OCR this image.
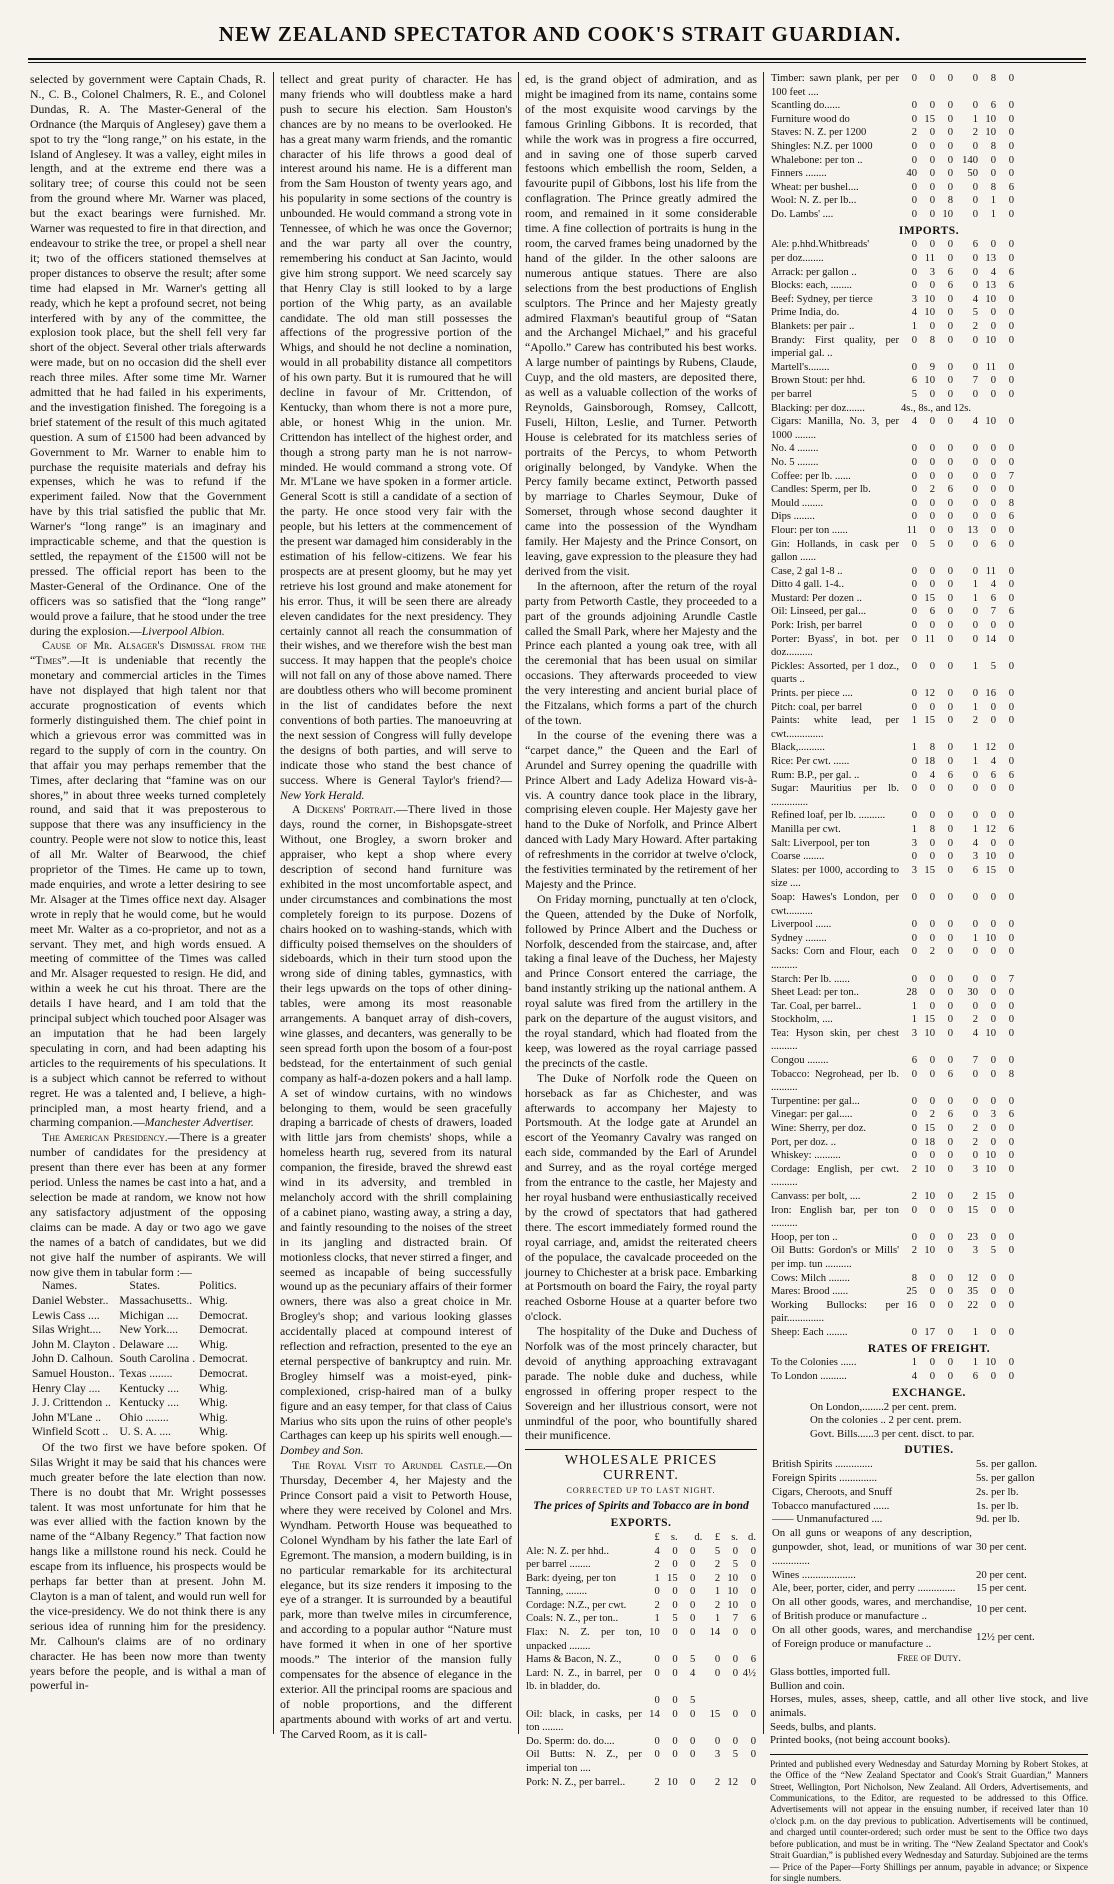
NEW ZEALAND SPECTATOR AND COOK'S STRAIT GUARDIAN.

selected by government were Captain Chads, R. N., C. B., Colonel Chalmers, R. E., and Colonel Dundas, R. A. The Master-General of the Ordnance (the Marquis of Anglesey) gave them a spot to try the “long range,” on his estate, in the Island of Anglesey. It was a valley, eight miles in length, and at the extreme end there was a solitary tree; of course this could not be seen from the ground where Mr. Warner was placed, but the exact bearings were furnished. Mr. Warner was requested to fire in that direction, and endeavour to strike the tree, or propel a shell near it; two of the officers stationed themselves at proper distances to observe the result; after some time had elapsed in Mr. Warner's getting all ready, which he kept a profound secret, not being interfered with by any of the committee, the explosion took place, but the shell fell very far short of the object. Several other trials afterwards were made, but on no occasion did the shell ever reach three miles. After some time Mr. Warner admitted that he had failed in his experiments, and the investigation finished. The foregoing is a brief statement of the result of this much agitated question. A sum of £1500 had been advanced by Government to Mr. Warner to enable him to purchase the requisite materials and defray his expenses, which he was to refund if the experiment failed. Now that the Government have by this trial satisfied the public that Mr. Warner's “long range” is an imaginary and impracticable scheme, and that the question is settled, the repayment of the £1500 will not be pressed. The official report has been to the Master-General of the Ordinance. One of the officers was so satisfied that the “long range” would prove a failure, that he stood under the tree during the explosion.—Liverpool Albion.

Cause of Mr. Alsager's Dismissal from the “Times”.—It is undeniable that recently the monetary and commercial articles in the Times have not displayed that high talent nor that accurate prognostication of events which formerly distinguished them. The chief point in which a grievous error was committed was in regard to the supply of corn in the country. On that affair you may perhaps remember that the Times, after declaring that “famine was on our shores,” in about three weeks turned completely round, and said that it was preposterous to suppose that there was any insufficiency in the country. People were not slow to notice this, least of all Mr. Walter of Bearwood, the chief proprietor of the Times. He came up to town, made enquiries, and wrote a letter desiring to see Mr. Alsager at the Times office next day. Alsager wrote in reply that he would come, but he would meet Mr. Walter as a co-proprietor, and not as a servant. They met, and high words ensued. A meeting of committee of the Times was called and Mr. Alsager requested to resign. He did, and within a week he cut his throat. There are the details I have heard, and I am told that the principal subject which touched poor Alsager was an imputation that he had been largely speculating in corn, and had been adapting his articles to the requirements of his speculations. It is a subject which cannot be referred to without regret. He was a talented and, I believe, a high-principled man, a most hearty friend, and a charming companion.—Manchester Advertiser.

The American Presidency.—There is a greater number of candidates for the presidency at present than there ever has been at any former period. Unless the names be cast into a hat, and a selection be made at random, we know not how any satisfactory adjustment of the opposing claims can be made. A day or two ago we gave the names of a batch of candidates, but we did not give half the number of aspirants. We will now give them in tabular form :—

Names.	States.	Politics.
Daniel Webster..	Massachusetts..	Whig.
Lewis Cass ....	Michigan ....	Democrat.
Silas Wright....	New York....	Democrat.
John M. Clayton .	Delaware ....	Whig.
John D. Calhoun.	South Carolina .	Democrat.
Samuel Houston..	Texas ........	Democrat.
Henry Clay ....	Kentucky ....	Whig.
J. J. Crittendon ..	Kentucky ....	Whig.
John M'Lane ..	Ohio ........	Whig.
Winfield Scott ..	U. S. A. ....	Whig.

Of the two first we have before spoken. Of Silas Wright it may be said that his chances were much greater before the late election than now. There is no doubt that Mr. Wright possesses talent. It was most unfortunate for him that he was ever allied with the faction known by the name of the “Albany Regency.” That faction now hangs like a millstone round his neck. Could he escape from its influence, his prospects would be perhaps far better than at present. John M. Clayton is a man of talent, and would run well for the vice-presidency. We do not think there is any serious idea of running him for the presidency. Mr. Calhoun's claims are of no ordinary character. He has been now more than twenty years before the people, and is withal a man of powerful in-

tellect and great purity of character. He has many friends who will doubtless make a hard push to secure his election. Sam Houston's chances are by no means to be overlooked. He has a great many warm friends, and the romantic character of his life throws a good deal of interest around his name. He is a different man from the Sam Houston of twenty years ago, and his popularity in some sections of the country is unbounded. He would command a strong vote in Tennessee, of which he was once the Governor; and the war party all over the country, remembering his conduct at San Jacinto, would give him strong support. We need scarcely say that Henry Clay is still looked to by a large portion of the Whig party, as an available candidate. The old man still possesses the affections of the progressive portion of the Whigs, and should he not decline a nomination, would in all probability distance all competitors of his own party. But it is rumoured that he will decline in favour of Mr. Crittendon, of Kentucky, than whom there is not a more pure, able, or honest Whig in the union. Mr. Crittendon has intellect of the highest order, and though a strong party man he is not narrow-minded. He would command a strong vote. Of Mr. M'Lane we have spoken in a former article. General Scott is still a candidate of a section of the party. He once stood very fair with the people, but his letters at the commencement of the present war damaged him considerably in the estimation of his fellow-citizens. We fear his prospects are at present gloomy, but he may yet retrieve his lost ground and make atonement for his error. Thus, it will be seen there are already eleven candidates for the next presidency. They certainly cannot all reach the consummation of their wishes, and we therefore wish the best man success. It may happen that the people's choice will not fall on any of those above named. There are doubtless others who will become prominent in the list of candidates before the next conventions of both parties. The manoeuvring at the next session of Congress will fully develope the designs of both parties, and will serve to indicate those who stand the best chance of success. Where is General Taylor's friend?—New York Herald.

A Dickens' Portrait.—There lived in those days, round the corner, in Bishopsgate-street Without, one Brogley, a sworn broker and appraiser, who kept a shop where every description of second hand furniture was exhibited in the most uncomfortable aspect, and under circumstances and combinations the most completely foreign to its purpose. Dozens of chairs hooked on to washing-stands, which with difficulty poised themselves on the shoulders of sideboards, which in their turn stood upon the wrong side of dining tables, gymnastics, with their legs upwards on the tops of other dining-tables, were among its most reasonable arrangements. A banquet array of dish-covers, wine glasses, and decanters, was generally to be seen spread forth upon the bosom of a four-post bedstead, for the entertainment of such genial company as half-a-dozen pokers and a hall lamp. A set of window curtains, with no windows belonging to them, would be seen gracefully draping a barricade of chests of drawers, loaded with little jars from chemists' shops, while a homeless hearth rug, severed from its natural companion, the fireside, braved the shrewd east wind in its adversity, and trembled in melancholy accord with the shrill complaining of a cabinet piano, wasting away, a string a day, and faintly resounding to the noises of the street in its jangling and distracted brain. Of motionless clocks, that never stirred a finger, and seemed as incapable of being successfully wound up as the pecuniary affairs of their former owners, there was also a great choice in Mr. Brogley's shop; and various looking glasses accidentally placed at compound interest of reflection and refraction, presented to the eye an eternal perspective of bankruptcy and ruin. Mr. Brogley himself was a moist-eyed, pink-complexioned, crisp-haired man of a bulky figure and an easy temper, for that class of Caius Marius who sits upon the ruins of other people's Carthages can keep up his spirits well enough.—Dombey and Son.

The Royal Visit to Arundel Castle.—On Thursday, December 4, her Majesty and the Prince Consort paid a visit to Petworth House, where they were received by Colonel and Mrs. Wyndham. Petworth House was bequeathed to Colonel Wyndham by his father the late Earl of Egremont. The mansion, a modern building, is in no particular remarkable for its architectural elegance, but its size renders it imposing to the eye of a stranger. It is surrounded by a beautiful park, more than twelve miles in circumference, and according to a popular author “Nature must have formed it when in one of her sportive moods.” The interior of the mansion fully compensates for the absence of elegance in the exterior. All the principal rooms are spacious and of noble proportions, and the different apartments abound with works of art and vertu. The Carved Room, as it is call-

ed, is the grand object of admiration, and as might be imagined from its name, contains some of the most exquisite wood carvings by the famous Grinling Gibbons. It is recorded, that while the work was in progress a fire occurred, and in saving one of those superb carved festoons which embellish the room, Selden, a favourite pupil of Gibbons, lost his life from the conflagration. The Prince greatly admired the room, and remained in it some considerable time. A fine collection of portraits is hung in the room, the carved frames being unadorned by the hand of the gilder. In the other saloons are numerous antique statues. There are also selections from the best productions of English sculptors. The Prince and her Majesty greatly admired Flaxman's beautiful group of “Satan and the Archangel Michael,” and his graceful “Apollo.” Carew has contributed his best works. A large number of paintings by Rubens, Claude, Cuyp, and the old masters, are deposited there, as well as a valuable collection of the works of Reynolds, Gainsborough, Romsey, Callcott, Fuseli, Hilton, Leslie, and Turner. Petworth House is celebrated for its matchless series of portraits of the Percys, to whom Petworth originally belonged, by Vandyke. When the Percy family became extinct, Petworth passed by marriage to Charles Seymour, Duke of Somerset, through whose second daughter it came into the possession of the Wyndham family. Her Majesty and the Prince Consort, on leaving, gave expression to the pleasure they had derived from the visit.

In the afternoon, after the return of the royal party from Petworth Castle, they proceeded to a part of the grounds adjoining Arundle Castle called the Small Park, where her Majesty and the Prince each planted a young oak tree, with all the ceremonial that has been usual on similar occasions. They afterwards proceeded to view the very interesting and ancient burial place of the Fitzalans, which forms a part of the church of the town.

In the course of the evening there was a “carpet dance,” the Queen and the Earl of Arundel and Surrey opening the quadrille with Prince Albert and Lady Adeliza Howard vis-à-vis. A country dance took place in the library, comprising eleven couple. Her Majesty gave her hand to the Duke of Norfolk, and Prince Albert danced with Lady Mary Howard. After partaking of refreshments in the corridor at twelve o'clock, the festivities terminated by the retirement of her Majesty and the Prince.

On Friday morning, punctually at ten o'clock, the Queen, attended by the Duke of Norfolk, followed by Prince Albert and the Duchess or Norfolk, descended from the staircase, and, after taking a final leave of the Duchess, her Majesty and Prince Consort entered the carriage, the band instantly striking up the national anthem. A royal salute was fired from the artillery in the park on the departure of the august visitors, and the royal standard, which had floated from the keep, was lowered as the royal carriage passed the precincts of the castle.

The Duke of Norfolk rode the Queen on horseback as far as Chichester, and was afterwards to accompany her Majesty to Portsmouth. At the lodge gate at Arundel an escort of the Yeomanry Cavalry was ranged on each side, commanded by the Earl of Arundel and Surrey, and as the royal cortége merged from the entrance to the castle, her Majesty and her royal husband were enthusiastically received by the crowd of spectators that had gathered there. The escort immediately formed round the royal carriage, and, amidst the reiterated cheers of the populace, the cavalcade proceeded on the journey to Chichester at a brisk pace. Embarking at Portsmouth on board the Fairy, the royal party reached Osborne House at a quarter before two o'clock.

The hospitality of the Duke and Duchess of Norfolk was of the most princely character, but devoid of anything approaching extravagant parade. The noble duke and duchess, while engrossed in offering proper respect to the Sovereign and her illustrious consort, were not unmindful of the poor, who bountifully shared their munificence.

WHOLESALE PRICES CURRENT.
CORRECTED UP TO LAST NIGHT.
The prices of Spirits and Tobacco are in bond
EXPORTS.
	£	s.	d.	£	s.	d.
Ale: N. Z. per hhd..	4	0	0	5	0	0
per barrel ........	2	0	0	2	5	0
Bark: dyeing, per ton	1	15	0	2	10	0
Tanning, ........	0	0	0	1	10	0
Cordage: N.Z., per cwt.	2	0	0	2	10	0
Coals: N. Z., per ton..	1	5	0	1	7	6
Flax: N. Z. per ton, unpacked ........	10	0	0	14	0	0
Hams & Bacon, N. Z.,	0	0	5	0	0	6
Lard: N. Z., in barrel, per lb. in bladder, do.	0	0	4	0	0	4½
	0	0	5			
Oil: black, in casks, per ton ........	14	0	0	15	0	0
Do. Sperm: do. do....	0	0	0	0	0	0
Oil Butts: N. Z., per imperial ton ....	0	0	0	3	5	0
Pork: N. Z., per barrel..	2	10	0	2	12	0
Timber: sawn plank, per per 100 feet ....	0	0	0	0	8	0
Scantling do......	0	0	0	0	6	0
Furniture wood do	0	15	0	1	10	0
Staves: N. Z. per 1200	2	0	0	2	10	0
Shingles: N.Z. per 1000	0	0	0	0	8	0
Whalebone: per ton ..	0	0	0	140	0	0
Finners ........	40	0	0	50	0	0
Wheat: per bushel....	0	0	0	0	8	6
Wool: N. Z. per lb...	0	0	8	0	1	0
Do. Lambs' ....	0	0	10	0	1	0
IMPORTS.
Ale: p.hhd.Whitbreads'	0	0	0	6	0	0
per doz........	0	11	0	0	13	0
Arrack: per gallon ..	0	3	6	0	4	6
Blocks: each, ........	0	0	6	0	13	6
Beef: Sydney, per tierce	3	10	0	4	10	0
Prime India, do.	4	10	0	5	0	0
Blankets: per pair ..	1	0	0	2	0	0
Brandy: First quality, per imperial gal. ..	0	8	0	0	10	0
Martell's........	0	9	0	0	11	0
Brown Stout: per hhd.	6	10	0	7	0	0
per barrel	5	0	0	0	0	0
Blacking: per doz.......	4s., 8s., and 12s.					
Cigars: Manilla, No. 3, per 1000 ........	4	0	0	4	10	0
No. 4 ........	0	0	0	0	0	0
No. 5 ........	0	0	0	0	0	0
Coffee: per lb. ......	0	0	0	0	0	7
Candles: Sperm, per lb.	0	2	6	0	0	0
Mould ........	0	0	0	0	0	8
Dips ........	0	0	0	0	0	6
Flour: per ton ......	11	0	0	13	0	0
Gin: Hollands, in cask per gallon ......	0	5	0	0	6	0
Case, 2 gal 1-8 ..	0	0	0	0	11	0
Ditto 4 gall. 1-4..	0	0	0	1	4	0
Mustard: Per dozen ..	0	15	0	1	6	0
Oil: Linseed, per gal...	0	6	0	0	7	6
Pork: Irish, per barrel	0	0	0	0	0	0
Porter: Byass', in bot. per doz..........	0	11	0	0	14	0
Pickles: Assorted, per 1 doz., quarts ..	0	0	0	1	5	0
Prints. per piece ....	0	12	0	0	16	0
Pitch: coal, per barrel	0	0	0	1	0	0
Paints: white lead, per cwt..............	1	15	0	2	0	0
Black,..........	1	8	0	1	12	0
Rice: Per cwt. ......	0	18	0	1	4	0
Rum: B.P., per gal. ..	0	4	6	0	6	6
Sugar: Mauritius per lb. ..............	0	0	0	0	0	0
Refined loaf, per lb. ..........	0	0	0	0	0	0
Manilla per cwt.	1	8	0	1	12	6
Salt: Liverpool, per ton	3	0	0	4	0	0
Coarse ........	0	0	0	3	10	0
Slates: per 1000, according to size ....	3	15	0	6	15	0
Soap: Hawes's London, per cwt..........	0	0	0	0	0	0
Liverpool ......	0	0	0	0	0	0
Sydney ........	0	0	0	1	10	0
Sacks: Corn and Flour, each ..........	0	2	0	0	0	0
Starch: Per lb. ......	0	0	0	0	0	7
Sheet Lead: per ton..	28	0	0	30	0	0
Tar. Coal, per barrel..	1	0	0	0	0	0
Stockholm, ....	1	15	0	2	0	0
Tea: Hyson skin, per chest ..........	3	10	0	4	10	0
Congou ........	6	0	0	7	0	0
Tobacco: Negrohead, per lb. ..........	0	0	6	0	0	8
Turpentine: per gal...	0	0	0	0	0	0
Vinegar: per gal.....	0	2	6	0	3	6
Wine: Sherry, per doz.	0	15	0	2	0	0
Port, per doz. ..	0	18	0	2	0	0
Whiskey: ..........	0	0	0	0	10	0
Cordage: English, per cwt. ..........	2	10	0	3	10	0
Canvass: per bolt, ....	2	10	0	2	15	0
Iron: English bar, per ton ..........	0	0	0	15	0	0
Hoop, per ton ..	0	0	0	23	0	0
Oil Butts: Gordon's or Mills' per imp. tun ..........	2	10	0	3	5	0
Cows: Milch ........	8	0	0	12	0	0
Mares: Brood ......	25	0	0	35	0	0
Working Bullocks: per pair..............	16	0	0	22	0	0
Sheep: Each ........	0	17	0	1	0	0
RATES OF FREIGHT.
To the Colonies ......	1	0	0	1	10	0
To London ..........	4	0	0	6	0	0
EXCHANGE.
On London,........2 per cent. prem.
On the colonies .. 2 per cent. prem.
Govt. Bills......3 per cent. disct. to par.
DUTIES.
British Spirits ..............	5s. per gallon.
Foreign Spirits ..............	5s. per gallon
Cigars, Cheroots, and Snuff	2s. per lb.
Tobacco manufactured ......	1s. per lb.
—— Unmanufactured ....	9d. per lb.
On all guns or weapons of any description, gunpowder, shot, lead, or munitions of war ..............	30 per cent.
Wines ....................	20 per cent.
Ale, beer, porter, cider, and perry ..............	15 per cent.
On all other goods, wares, and merchandise, of British produce or manufacture ..	10 per cent.
On all other goods, wares, and merchandise of Foreign produce or manufacture ..	12½ per cent.
Free of Duty.
Glass bottles, imported full.
Bullion and coin.
Horses, mules, asses, sheep, cattle, and all other live stock, and live animals.
Seeds, bulbs, and plants.
Printed books, (not being account books).
Printed and published every Wednesday and Saturday Morning by Robert Stokes, at the Office of the “New Zealand Spectator and Cook's Strait Guardian,” Manners Street, Wellington, Port Nicholson, New Zealand. All Orders, Advertisements, and Communications, to the Editor, are requested to be addressed to this Office. Advertisements will not appear in the ensuing number, if received later than 10 o'clock p.m. on the day previous to publication. Advertisements will be continued, and charged until counter-ordered; such order must be sent to the Office two days before publication, and must be in writing. The “New Zealand Spectator and Cook's Strait Guardian,” is published every Wednesday and Saturday. Subjoined are the terms— Price of the Paper—Forty Shillings per annum, payable in advance; or Sixpence for single numbers.
